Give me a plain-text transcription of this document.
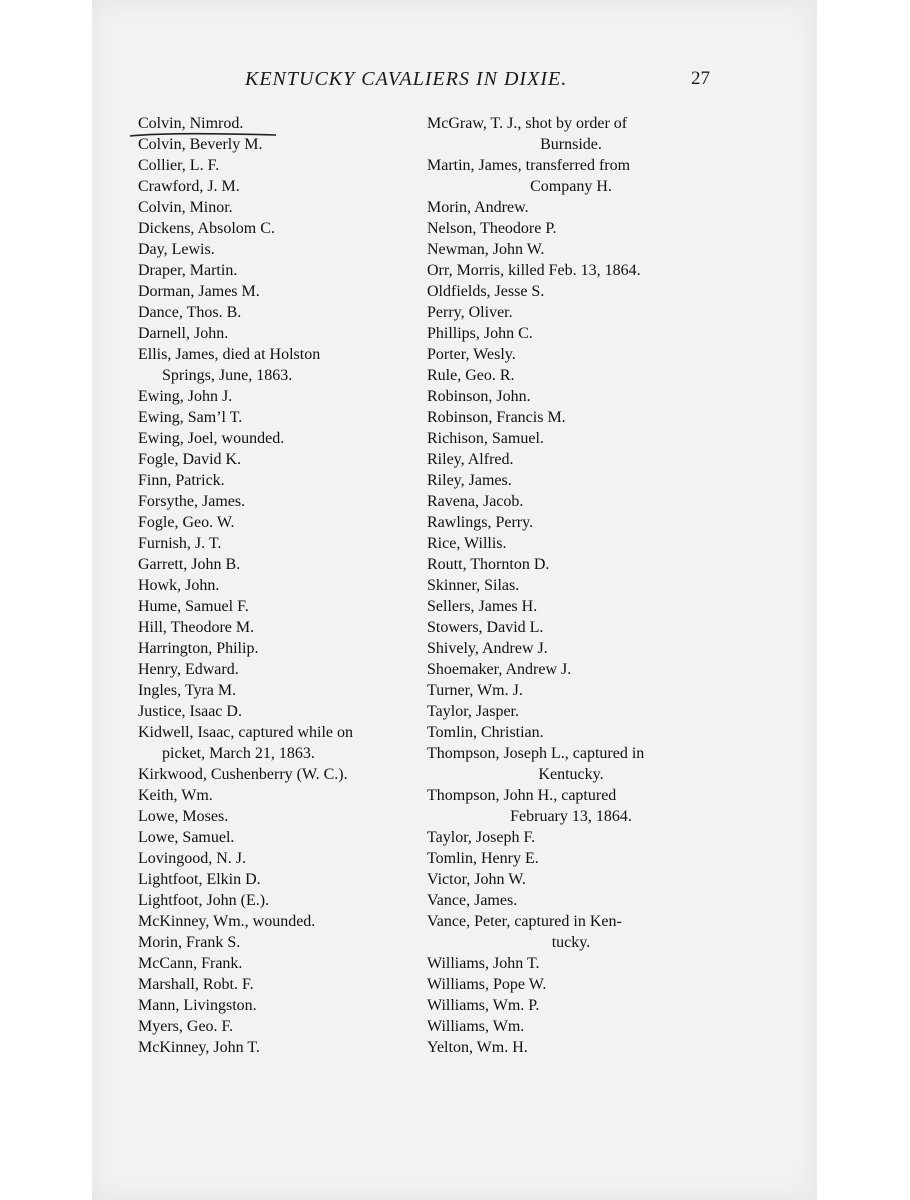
KENTUCKY CAVALIERS IN DIXIE.	27
Colvin, Nimrod.
Colvin, Beverly M.
Collier, L. F.
Crawford, J. M.
Colvin, Minor.
Dickens, Absolom C.
Day, Lewis.
Draper, Martin.
Dorman, James M.
Dance, Thos. B.
Darnell, John.
Ellis, James, died at Holston
Springs, June, 1863.
Ewing, John J.
Ewing, Sam’l T.
Ewing, Joel, wounded.
Fogle, David K.
Finn, Patrick.
Forsythe, James.
Fogle, Geo. W.
Furnish, J. T.
Garrett, John B.
Howk, John.
Hume, Samuel F.
Hill, Theodore M.
Harrington, Philip.
Henry, Edward.
Ingles, Tyra M.
Justice, Isaac D.
Kidwell, Isaac, captured while on
picket, March 21, 1863.
Kirkwood, Cushenberry (W. C.).
Keith, Wm.
Lowe, Moses.
Lowe, Samuel.
Lovingood, N. J.
Lightfoot, Elkin D.
Lightfoot, John (E.).
McKinney, Wm., wounded.
Morin, Frank S.
McCann, Frank.
Marshall, Robt. F.
Mann, Livingston.
Myers, Geo. F.
McKinney, John T.
McGraw, T. J., shot by order of
Burnside.
Martin, James, transferred from
Company H.
Morin, Andrew.
Nelson, Theodore P.
Newman, John W.
Orr, Morris, killed Feb. 13, 1864.
Oldfields, Jesse S.
Perry, Oliver.
Phillips, John C.
Porter, Wesly.
Rule, Geo. R.
Robinson, John.
Robinson, Francis M.
Richison, Samuel.
Riley, Alfred.
Riley, James.
Ravena, Jacob.
Rawlings, Perry.
Rice, Willis.
Routt, Thornton D.
Skinner, Silas.
Sellers, James H.
Stowers, David L.
Shively, Andrew J.
Shoemaker, Andrew J.
Turner, Wm. J.
Taylor, Jasper.
Tomlin, Christian.
Thompson, Joseph L., captured in
Kentucky.
Thompson, John H., captured
February 13, 1864.
Taylor, Joseph F.
Tomlin, Henry E.
Victor, John W.
Vance, James.
Vance, Peter, captured in Ken-
tucky.
Williams, John T.
Williams, Pope W.
Williams, Wm. P.
Williams, Wm.
Yelton, Wm. H.
